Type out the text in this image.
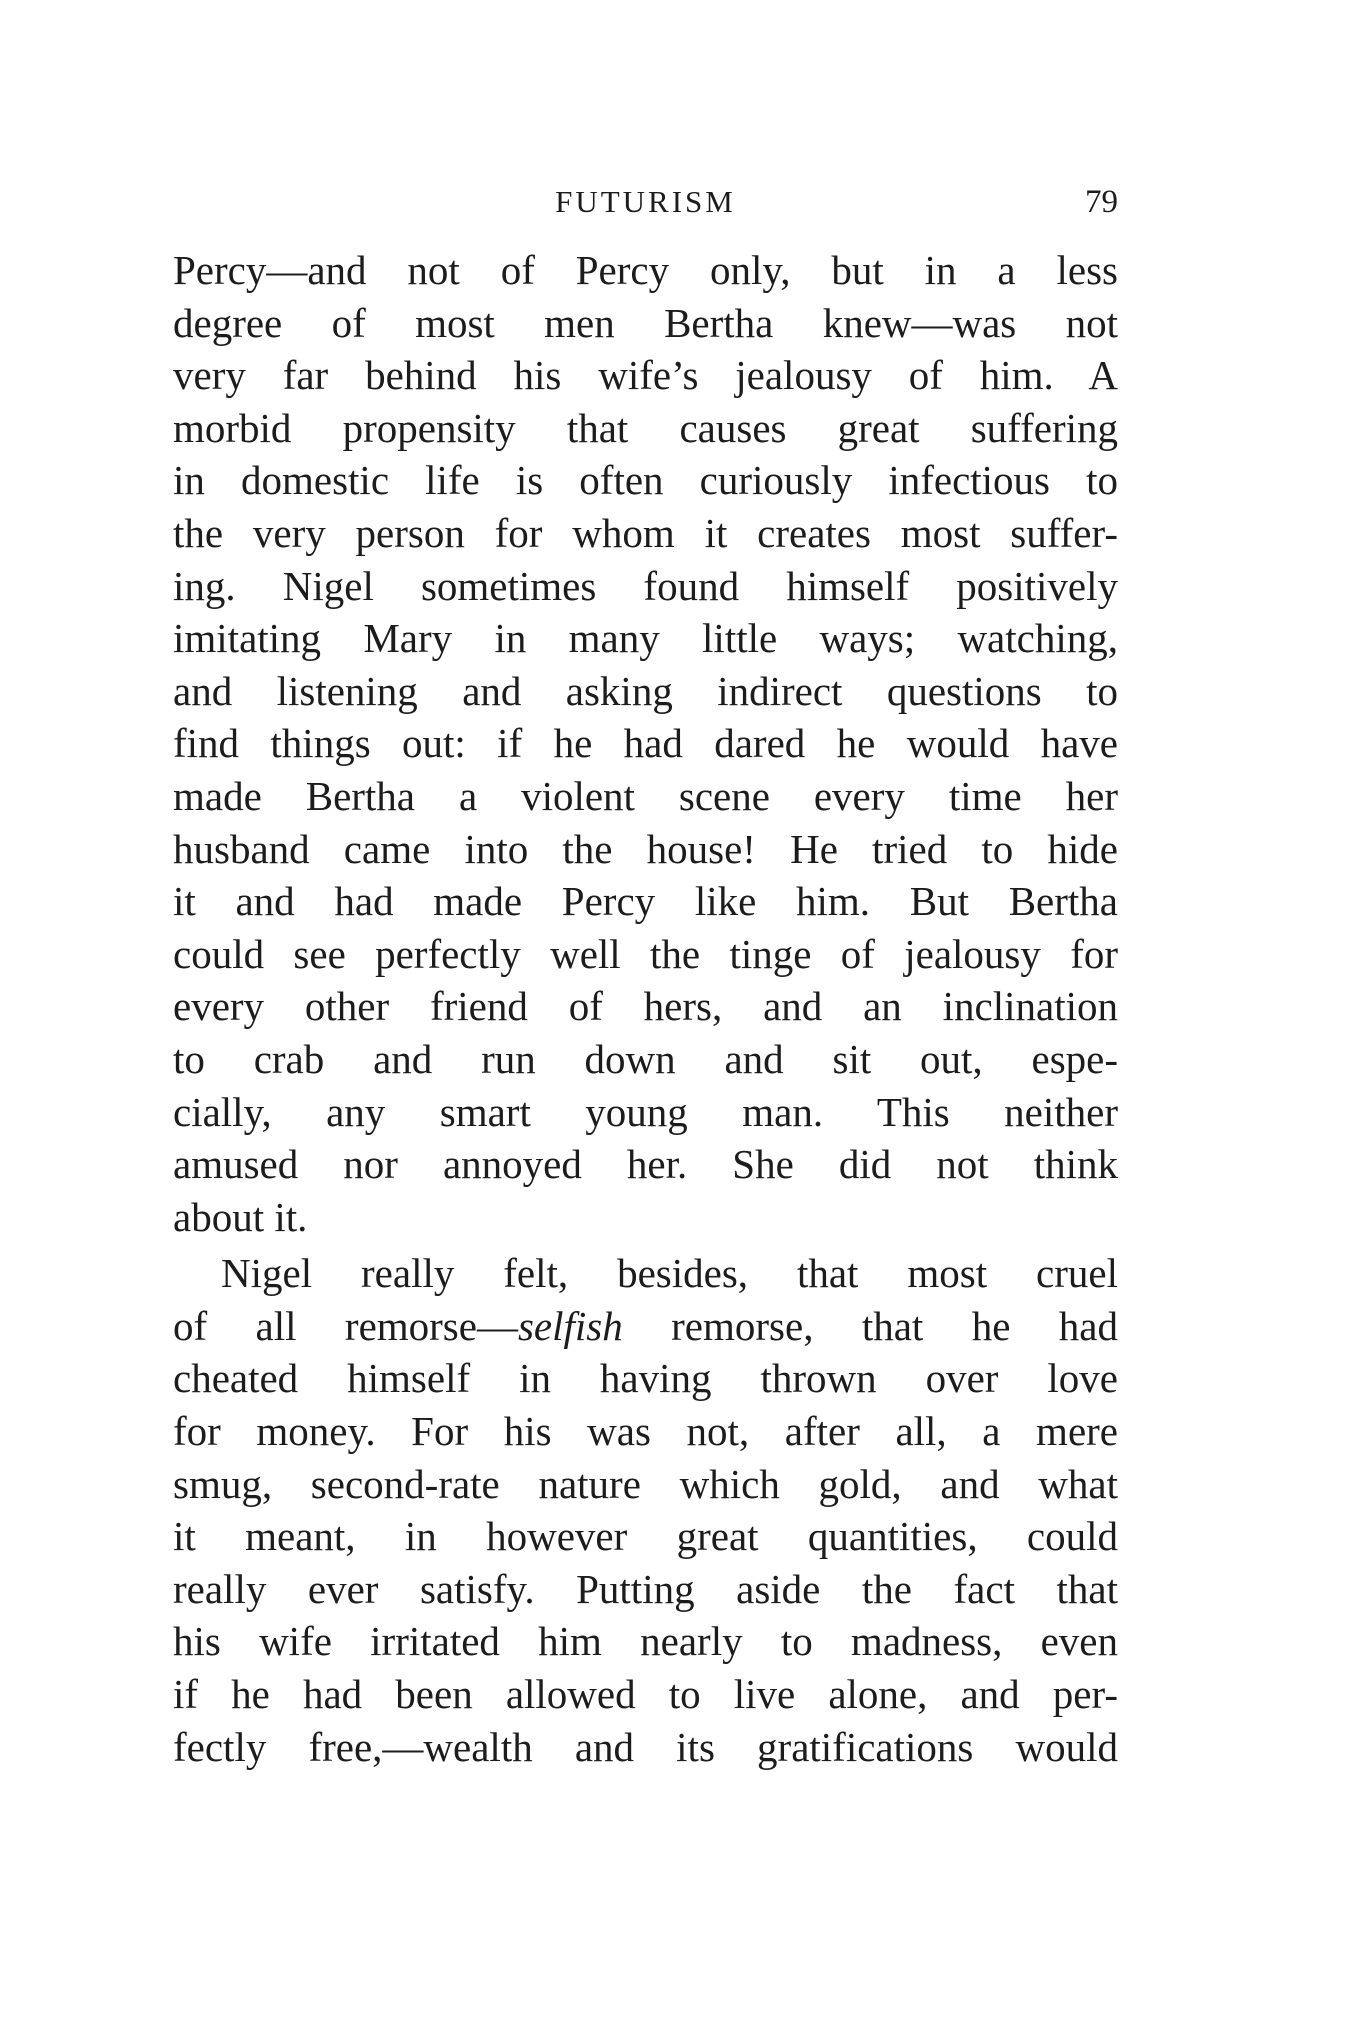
FUTURISM	79
Percy—and not of Percy only, but in a less
degree of most men Bertha knew—was not
very far behind his wife’s jealousy of him. A
morbid propensity that causes great suffering
in domestic life is often curiously infectious to
the very person for whom it creates most suffer-
ing. Nigel sometimes found himself positively
imitating Mary in many little ways; watching,
and listening and asking indirect questions to
find things out: if he had dared he would have
made Bertha a violent scene every time her
husband came into the house! He tried to hide
it and had made Percy like him. But Bertha
could see perfectly well the tinge of jealousy for
every other friend of hers, and an inclination
to crab and run down and sit out, espe-
cially, any smart young man. This neither
amused nor annoyed her. She did not think
about it.
Nigel really felt, besides, that most cruel
of all remorse—selfish remorse, that he had
cheated himself in having thrown over love
for money. For his was not, after all, a mere
smug, second-rate nature which gold, and what
it meant, in however great quantities, could
really ever satisfy. Putting aside the fact that
his wife irritated him nearly to madness, even
if he had been allowed to live alone, and per-
fectly free,—wealth and its gratifications would
